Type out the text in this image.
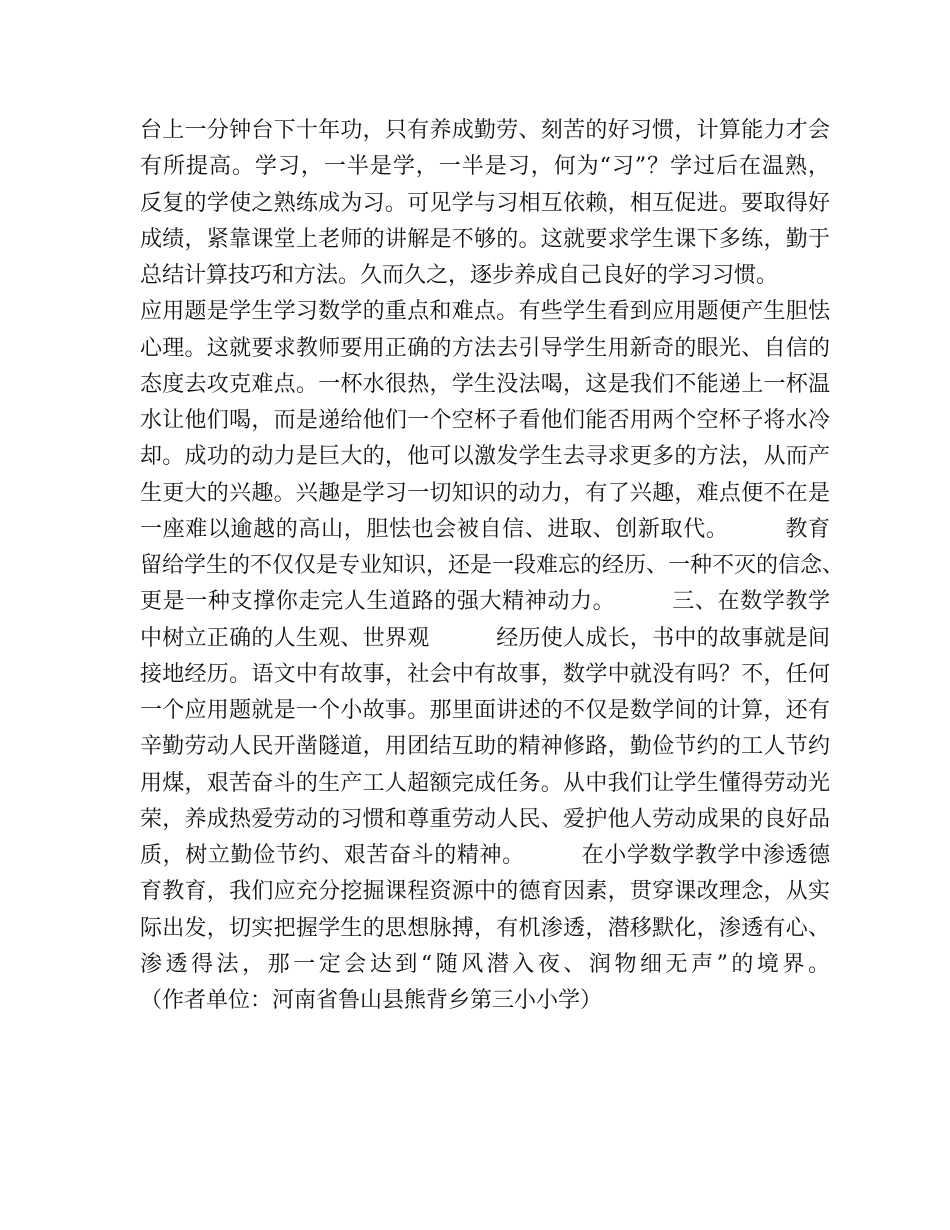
台上一分钟台下十年功，只有养成勤劳、刻苦的好习惯，计算能力才会
有所提高。学习，一半是学，一半是习，何为“习”？学过后在温熟，
反复的学使之熟练成为习。可见学与习相互依赖，相互促进。要取得好
成绩，紧靠课堂上老师的讲解是不够的。这就要求学生课下多练，勤于
总结计算技巧和方法。久而久之，逐步养成自己良好的学习习惯。
应用题是学生学习数学的重点和难点。有些学生看到应用题便产生胆怯
心理。这就要求教师要用正确的方法去引导学生用新奇的眼光、自信的
态度去攻克难点。一杯水很热，学生没法喝，这是我们不能递上一杯温
水让他们喝，而是递给他们一个空杯子看他们能否用两个空杯子将水冷
却。成功的动力是巨大的，他可以激发学生去寻求更多的方法，从而产
生更大的兴趣。兴趣是学习一切知识的动力，有了兴趣，难点便不在是
一座难以逾越的高山，胆怯也会被自信、进取、创新取代。　　　教育
留给学生的不仅仅是专业知识，还是一段难忘的经历、一种不灭的信念、
更是一种支撑你走完人生道路的强大精神动力。　　　三、在数学教学
中树立正确的人生观、世界观　　　经历使人成长，书中的故事就是间
接地经历。语文中有故事，社会中有故事，数学中就没有吗？不，任何
一个应用题就是一个小故事。那里面讲述的不仅是数学间的计算，还有
辛勤劳动人民开凿隧道，用团结互助的精神修路，勤俭节约的工人节约
用煤，艰苦奋斗的生产工人超额完成任务。从中我们让学生懂得劳动光
荣，养成热爱劳动的习惯和尊重劳动人民、爱护他人劳动成果的良好品
质，树立勤俭节约、艰苦奋斗的精神。　　　在小学数学教学中渗透德
育教育，我们应充分挖掘课程资源中的德育因素，贯穿课改理念，从实
际出发，切实把握学生的思想脉搏，有机渗透，潜移默化，渗透有心、
渗透得法，那一定会达到“随风潜入夜、润物细无声”的境界。
（作者单位：河南省鲁山县熊背乡第三小小学）
